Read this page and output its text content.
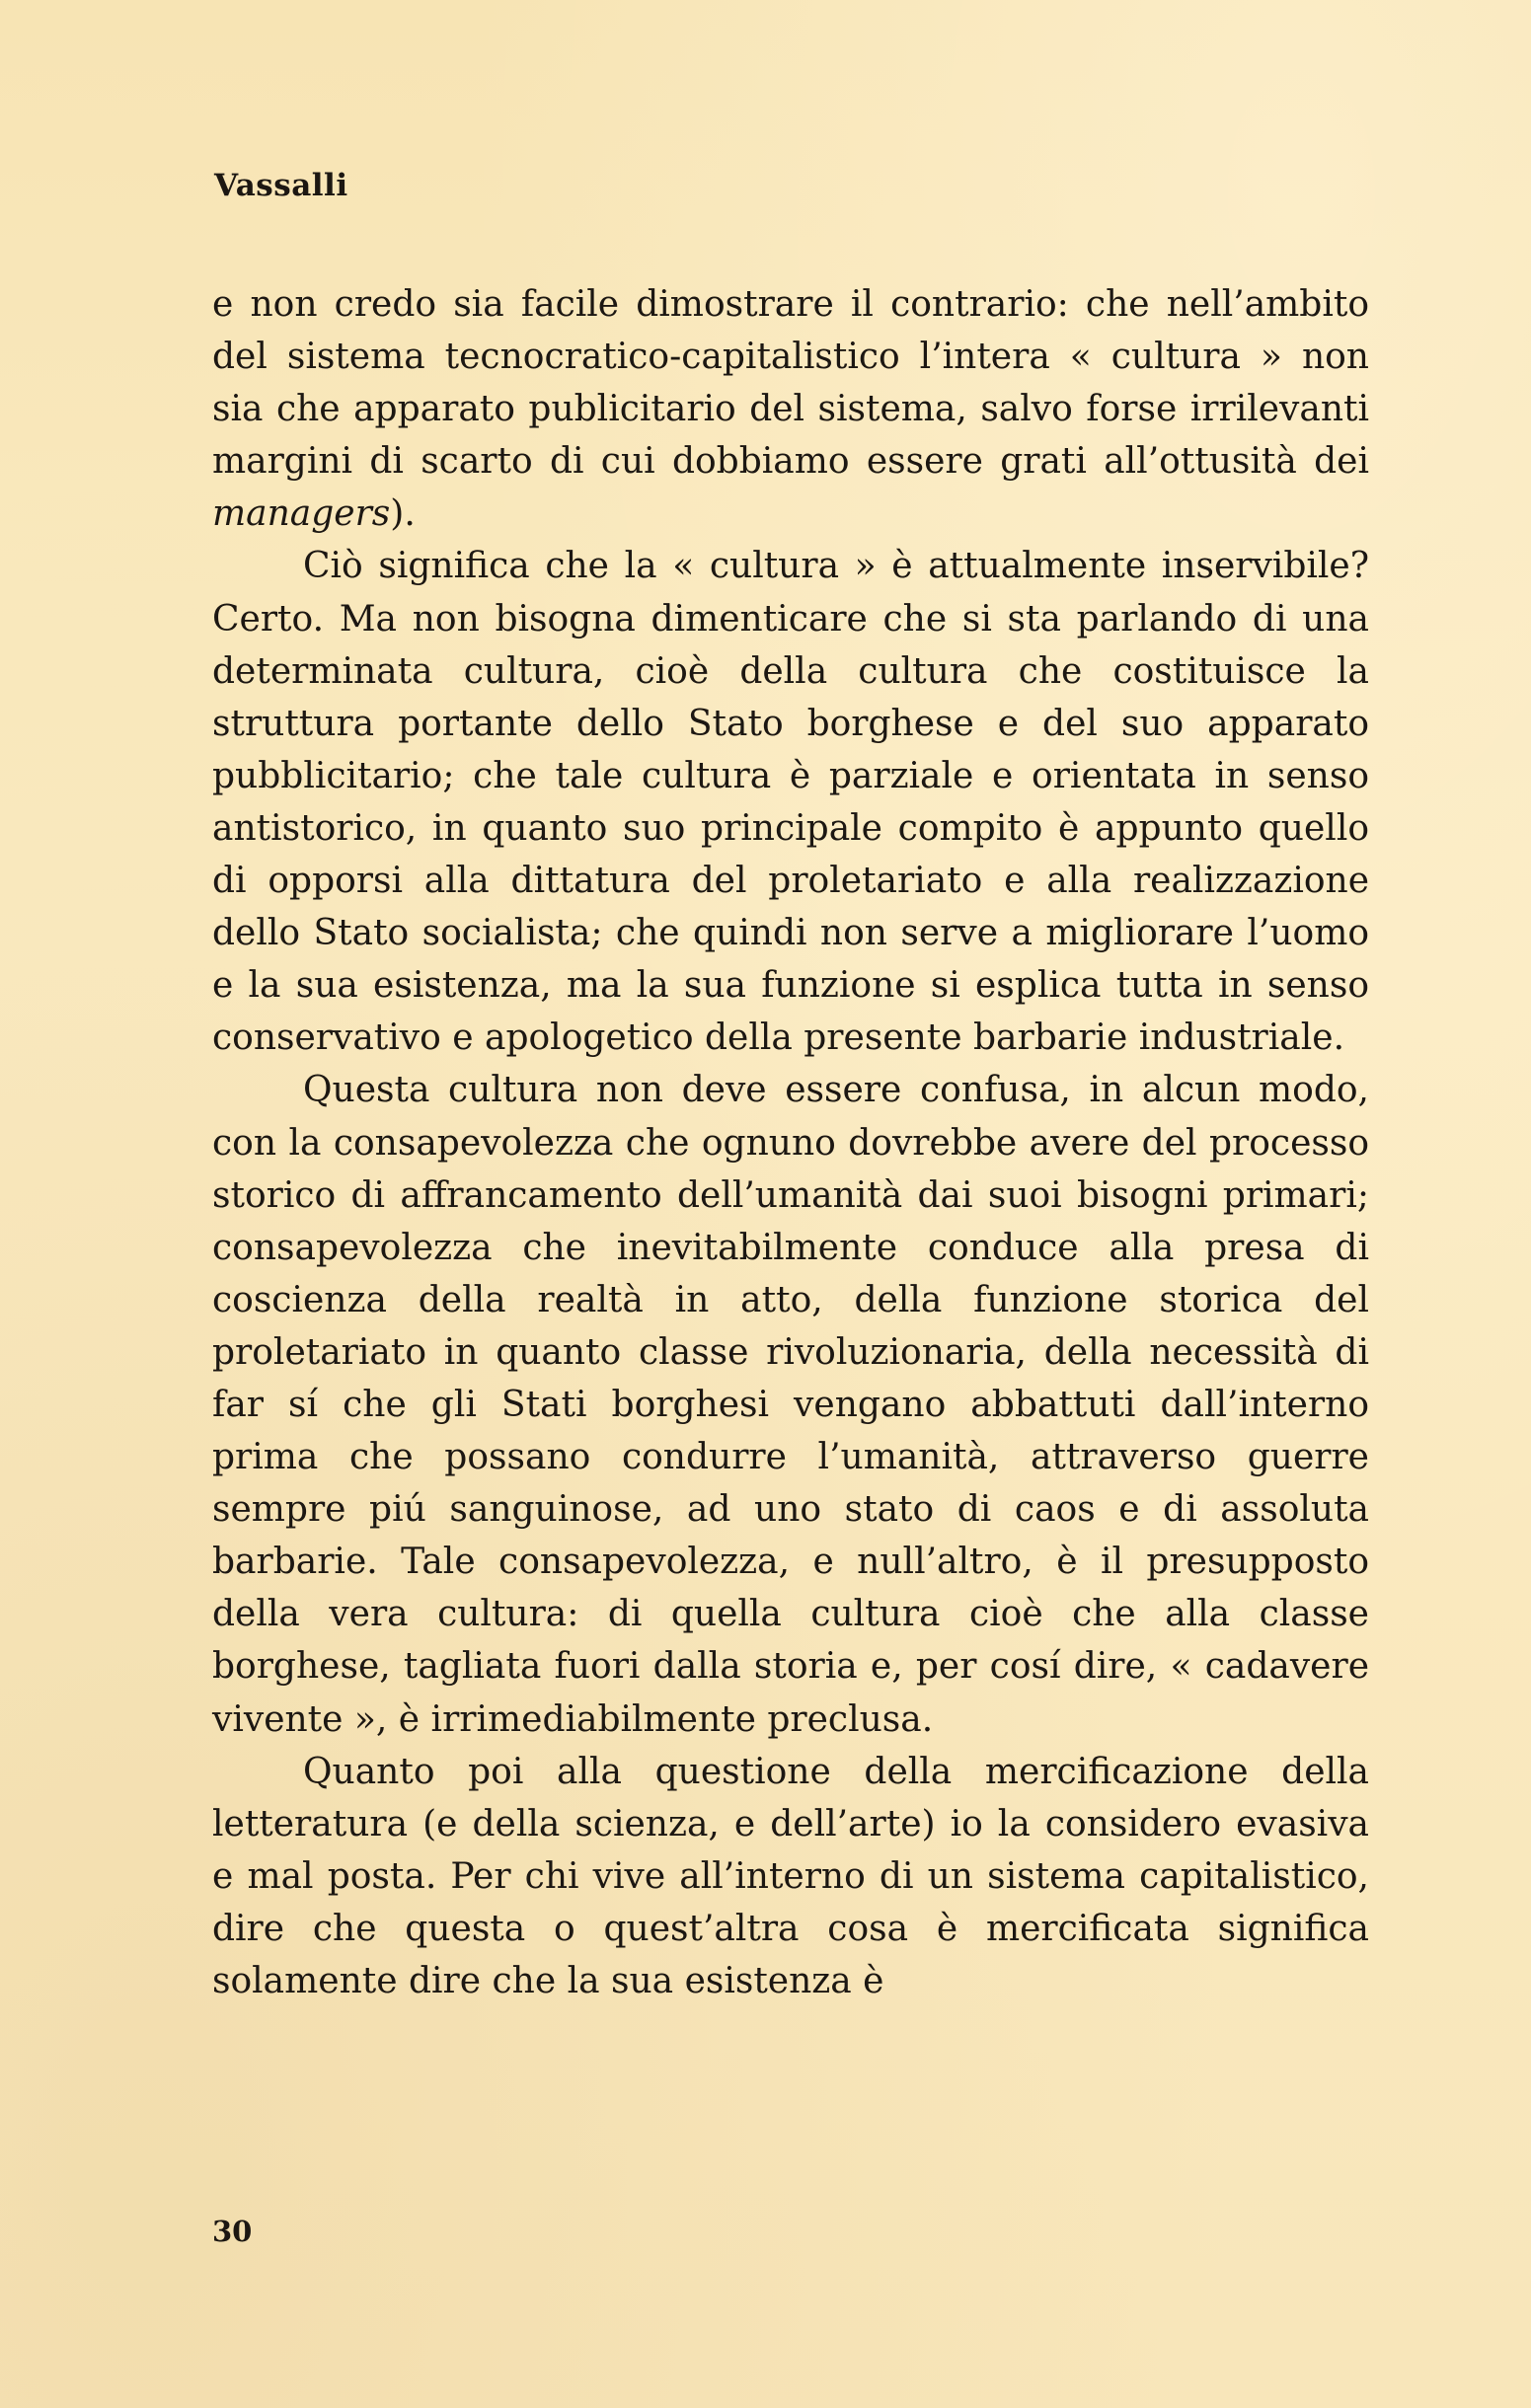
Vassalli

e non credo sia facile dimostrare il contrario: che nell’ambito del sistema tecnocratico-capitalistico l’intera « cultura » non sia che apparato publicitario del sistema, salvo forse irrilevanti margini di scarto di cui dobbiamo essere grati all’ottusità dei managers).

Ciò significa che la « cultura » è attualmente inservibile? Certo. Ma non bisogna dimenticare che si sta parlando di una determinata cultura, cioè della cultura che costituisce la struttura portante dello Stato borghese e del suo apparato pubblicitario; che tale cultura è parziale e orientata in senso antistorico, in quanto suo principale compito è appunto quello di opporsi alla dittatura del proletariato e alla realizzazione dello Stato socialista; che quindi non serve a migliorare l’uomo e la sua esistenza, ma la sua funzione si esplica tutta in senso conservativo e apologetico della presente barbarie industriale.

Questa cultura non deve essere confusa, in alcun modo, con la consapevolezza che ognuno dovrebbe avere del processo storico di affrancamento dell’umanità dai suoi bisogni primari; consapevolezza che inevitabilmente conduce alla presa di coscienza della realtà in atto, della funzione storica del proletariato in quanto classe rivoluzionaria, della necessità di far sí che gli Stati borghesi vengano abbattuti dall’interno prima che possano condurre l’umanità, attraverso guerre sempre piú sanguinose, ad uno stato di caos e di assoluta barbarie. Tale consapevolezza, e null’altro, è il presupposto della vera cultura: di quella cultura cioè che alla classe borghese, tagliata fuori dalla storia e, per cosí dire, « cadavere vivente », è irrimediabilmente preclusa.

Quanto poi alla questione della mercificazione della letteratura (e della scienza, e dell’arte) io la considero evasiva e mal posta. Per chi vive all’interno di un sistema capitalistico, dire che questa o quest’altra cosa è mercificata significa solamente dire che la sua esistenza è

30
